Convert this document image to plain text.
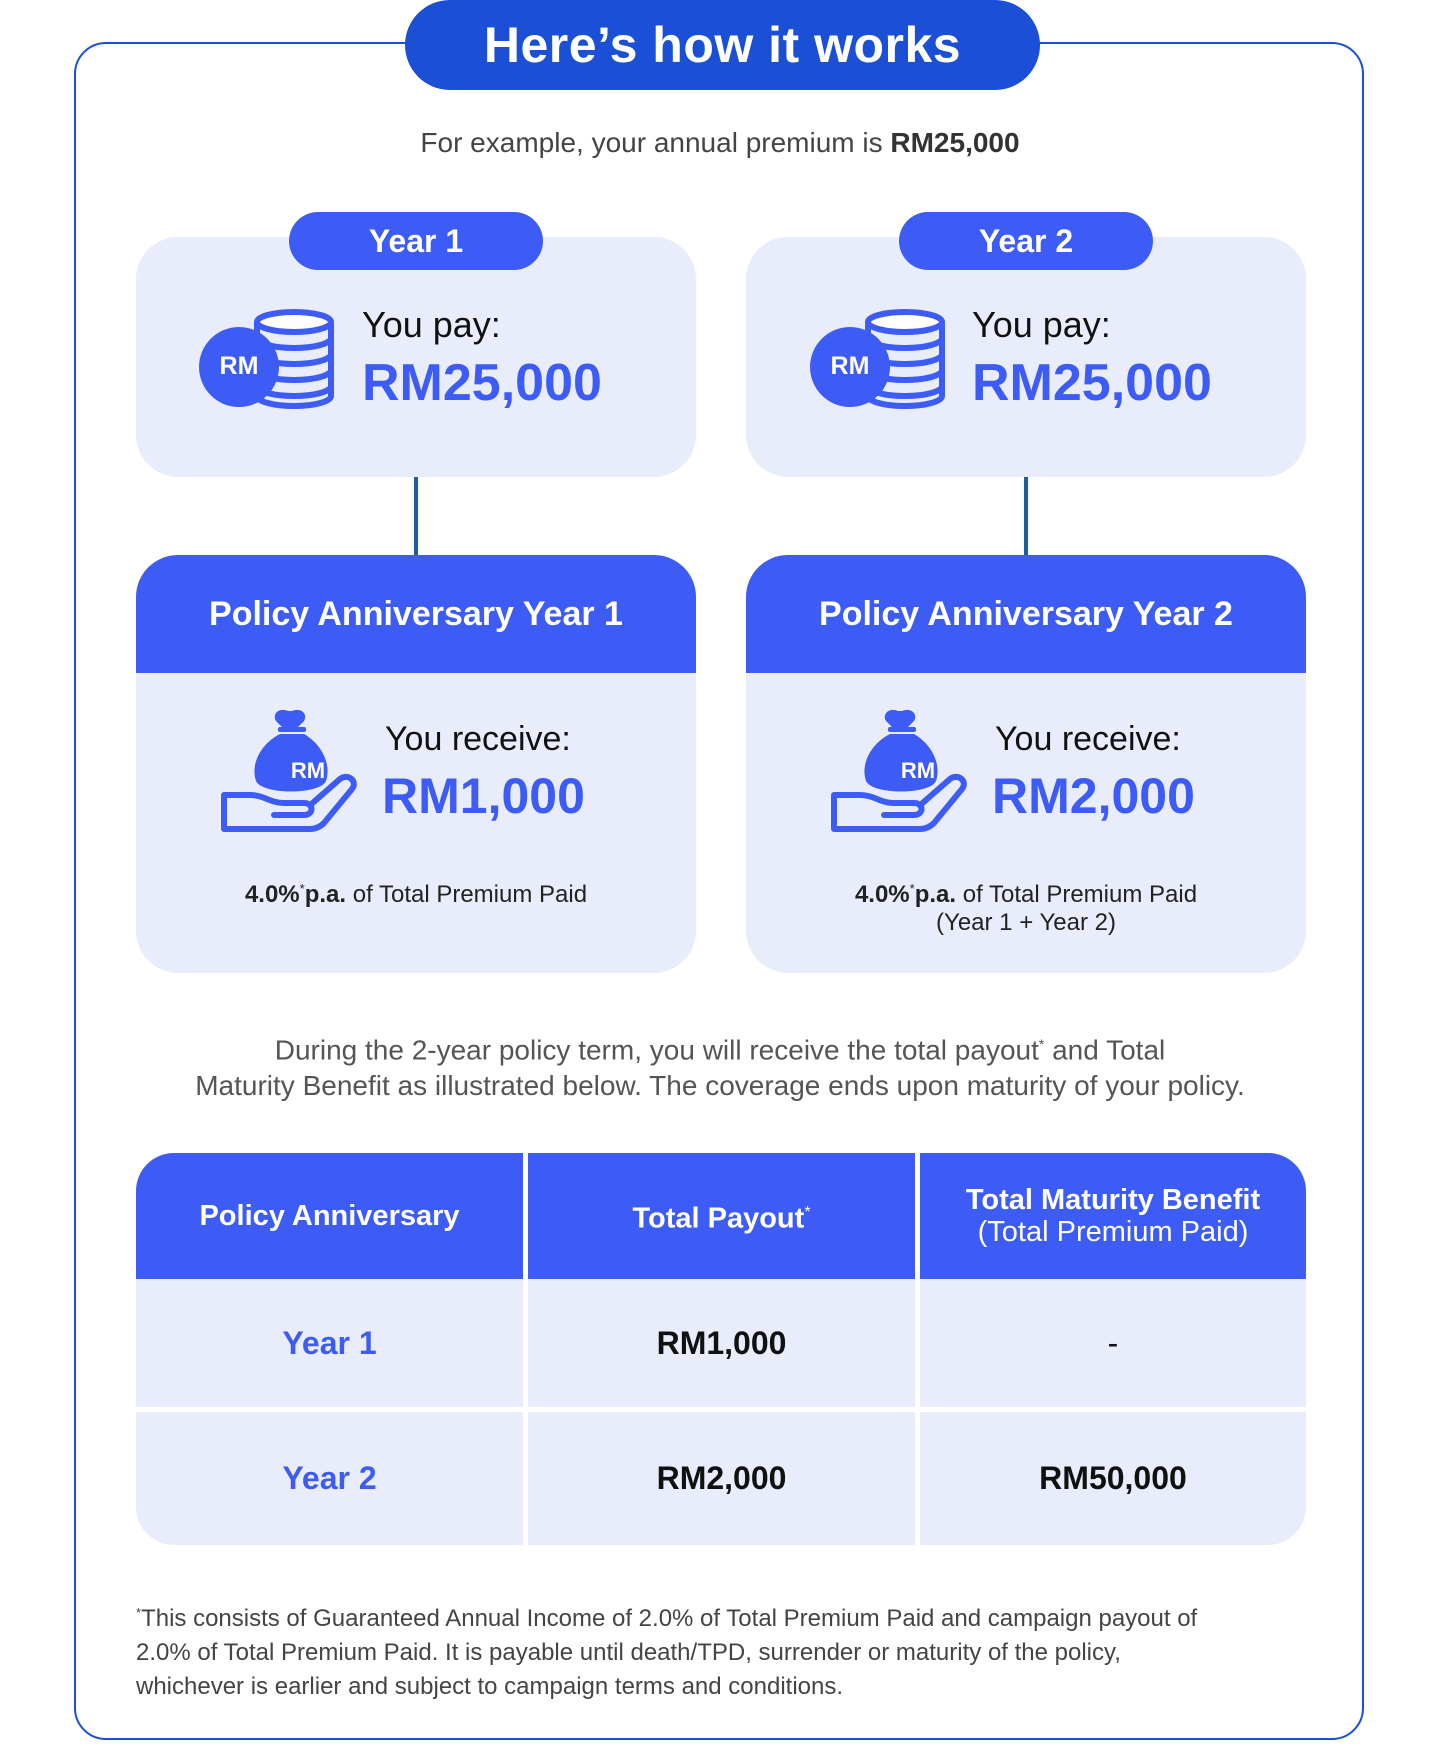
Here’s how it works
For example, your annual premium is RM25,000
Year 1
RM
You pay:
RM25,000
Year 2
RM
You pay:
RM25,000
Policy Anniversary Year 1
RM
You receive:
RM1,000
4.0%*p.a. of Total Premium Paid
Policy Anniversary Year 2
RM
You receive:
RM2,000
4.0%*p.a. of Total Premium Paid
(Year 1 + Year 2)
During the 2-year policy term, you will receive the total payout* and Total
Maturity Benefit as illustrated below. The coverage ends upon maturity of your policy.
Policy Anniversary	Total Payout*	Total Maturity Benefit
(Total Premium Paid)
Year 1	RM1,000	-
Year 2	RM2,000	RM50,000
*This consists of Guaranteed Annual Income of 2.0% of Total Premium Paid and campaign payout of
2.0% of Total Premium Paid. It is payable until death/TPD, surrender or maturity of the policy,
whichever is earlier and subject to campaign terms and conditions.
